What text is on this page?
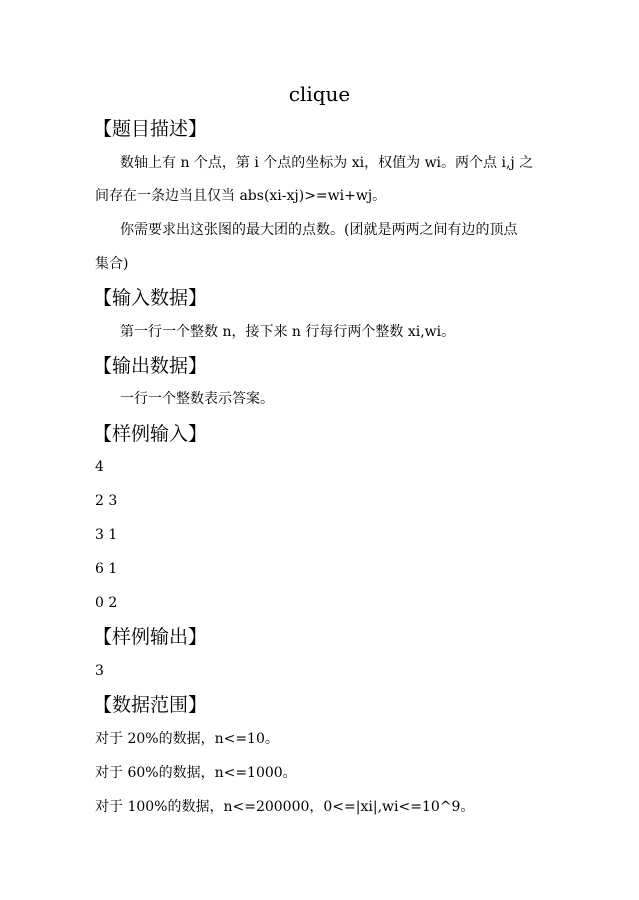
clique
【题目描述】
数轴上有 n 个点，第 i 个点的坐标为 xi，权值为 wi。两个点 i,j 之
间存在一条边当且仅当 abs(xi-xj)>=wi+wj。
你需要求出这张图的最大团的点数。(团就是两两之间有边的顶点
集合)
【输入数据】
第一行一个整数 n，接下来 n 行每行两个整数 xi,wi。
【输出数据】
一行一个整数表示答案。
【样例输入】
4
2 3
3 1
6 1
0 2
【样例输出】
3
【数据范围】
对于 20%的数据，n<=10。
对于 60%的数据，n<=1000。
对于 100%的数据，n<=200000，0<=|xi|,wi<=10^9。
